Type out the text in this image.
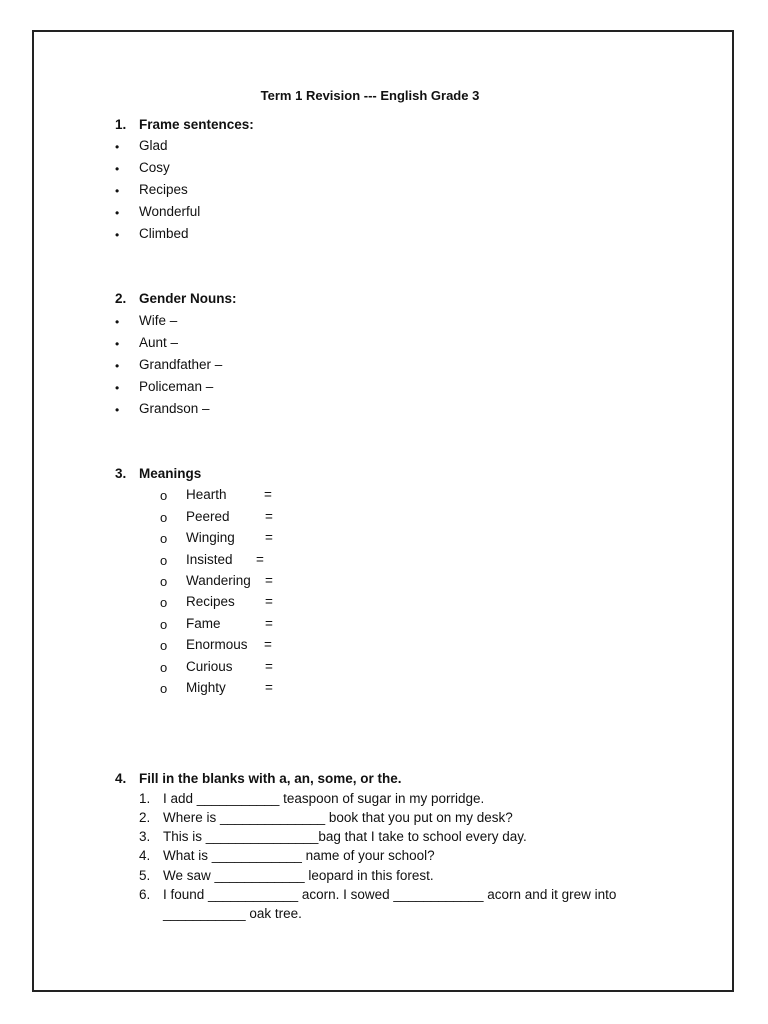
Term 1 Revision --- English Grade 3
1. Frame sentences:
• Glad
• Cosy
• Recipes
• Wonderful
• Climbed
2. Gender Nouns:
• Wife –
• Aunt –
• Grandfather –
• Policeman –
• Grandson –
3. Meanings
o Hearth	=
o Peered	=
o Winging =
o Insisted =
o Wandering =
o Recipes =
o Fame	=
o Enormous =
o Curious =
o Mighty	=
4. Fill in the blanks with a, an, some, or the.
1. I add ___________ teaspoon of sugar in my porridge.
2. Where is ______________ book that you put on my desk?
3. This is _______________bag that I take to school every day.
4. What is ____________ name of your school?
5. We saw ____________ leopard in this forest.
6. I found ____________ acorn. I sowed ____________ acorn and it grew into
___________ oak tree.
